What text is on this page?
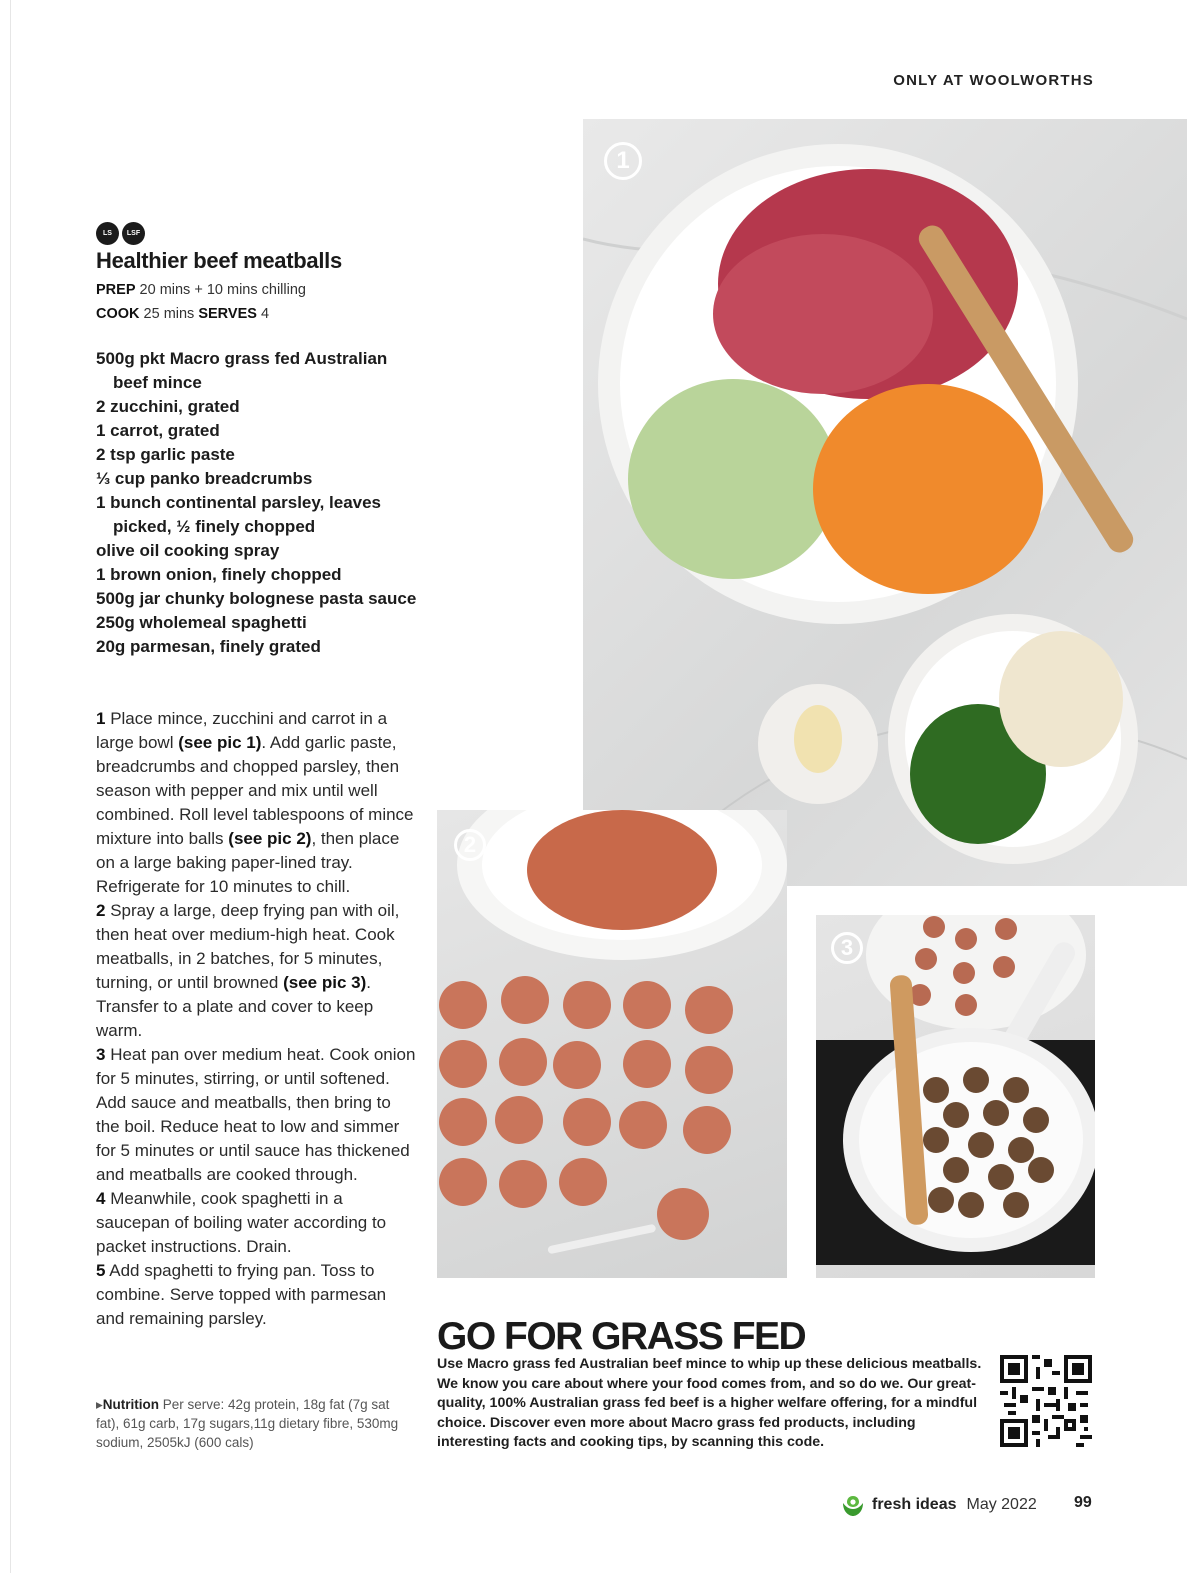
ONLY AT WOOLWORTHS
LS	LSF
Healthier beef meatballs
PREP 20 mins + 10 mins chilling
COOK 25 mins SERVES 4
500g pkt Macro grass fed Australian beef mince
2 zucchini, grated
1 carrot, grated
2 tsp garlic paste
⅓ cup panko breadcrumbs
1 bunch continental parsley, leaves picked, ½ finely chopped
olive oil cooking spray
1 brown onion, finely chopped
500g jar chunky bolognese pasta sauce
250g wholemeal spaghetti
20g parmesan, finely grated

1 Place mince, zucchini and carrot in a large bowl (see pic 1). Add garlic paste, breadcrumbs and chopped parsley, then season with pepper and mix until well combined. Roll level tablespoons of mince mixture into balls (see pic 2), then place on a large baking paper-lined tray. Refrigerate for 10 minutes to chill.

2 Spray a large, deep frying pan with oil, then heat over medium-high heat. Cook meatballs, in 2 batches, for 5 minutes, turning, or until browned (see pic 3). Transfer to a plate and cover to keep warm.

3 Heat pan over medium heat. Cook onion for 5 minutes, stirring, or until softened. Add sauce and meatballs, then bring to the boil. Reduce heat to low and simmer for 5 minutes or until sauce has thickened and meatballs are cooked through.

4 Meanwhile, cook spaghetti in a saucepan of boiling water according to packet instructions. Drain.

5 Add spaghetti to frying pan. Toss to combine. Serve topped with parmesan and remaining parsley.

▸Nutrition Per serve: 42g protein, 18g fat (7g sat fat), 61g carb, 17g sugars,11g dietary fibre, 530mg sodium, 2505kJ (600 cals)
1
2
3
GO FOR GRASS FED

Use Macro grass fed Australian beef mince to whip up these delicious meatballs. We know you care about where your food comes from, and so do we. Our great-quality, 100% Australian grass fed beef is a higher welfare offering, for a mindful choice. Discover even more about Macro grass fed products, including interesting facts and cooking tips, by scanning this code.

fresh ideas May 2022 99
